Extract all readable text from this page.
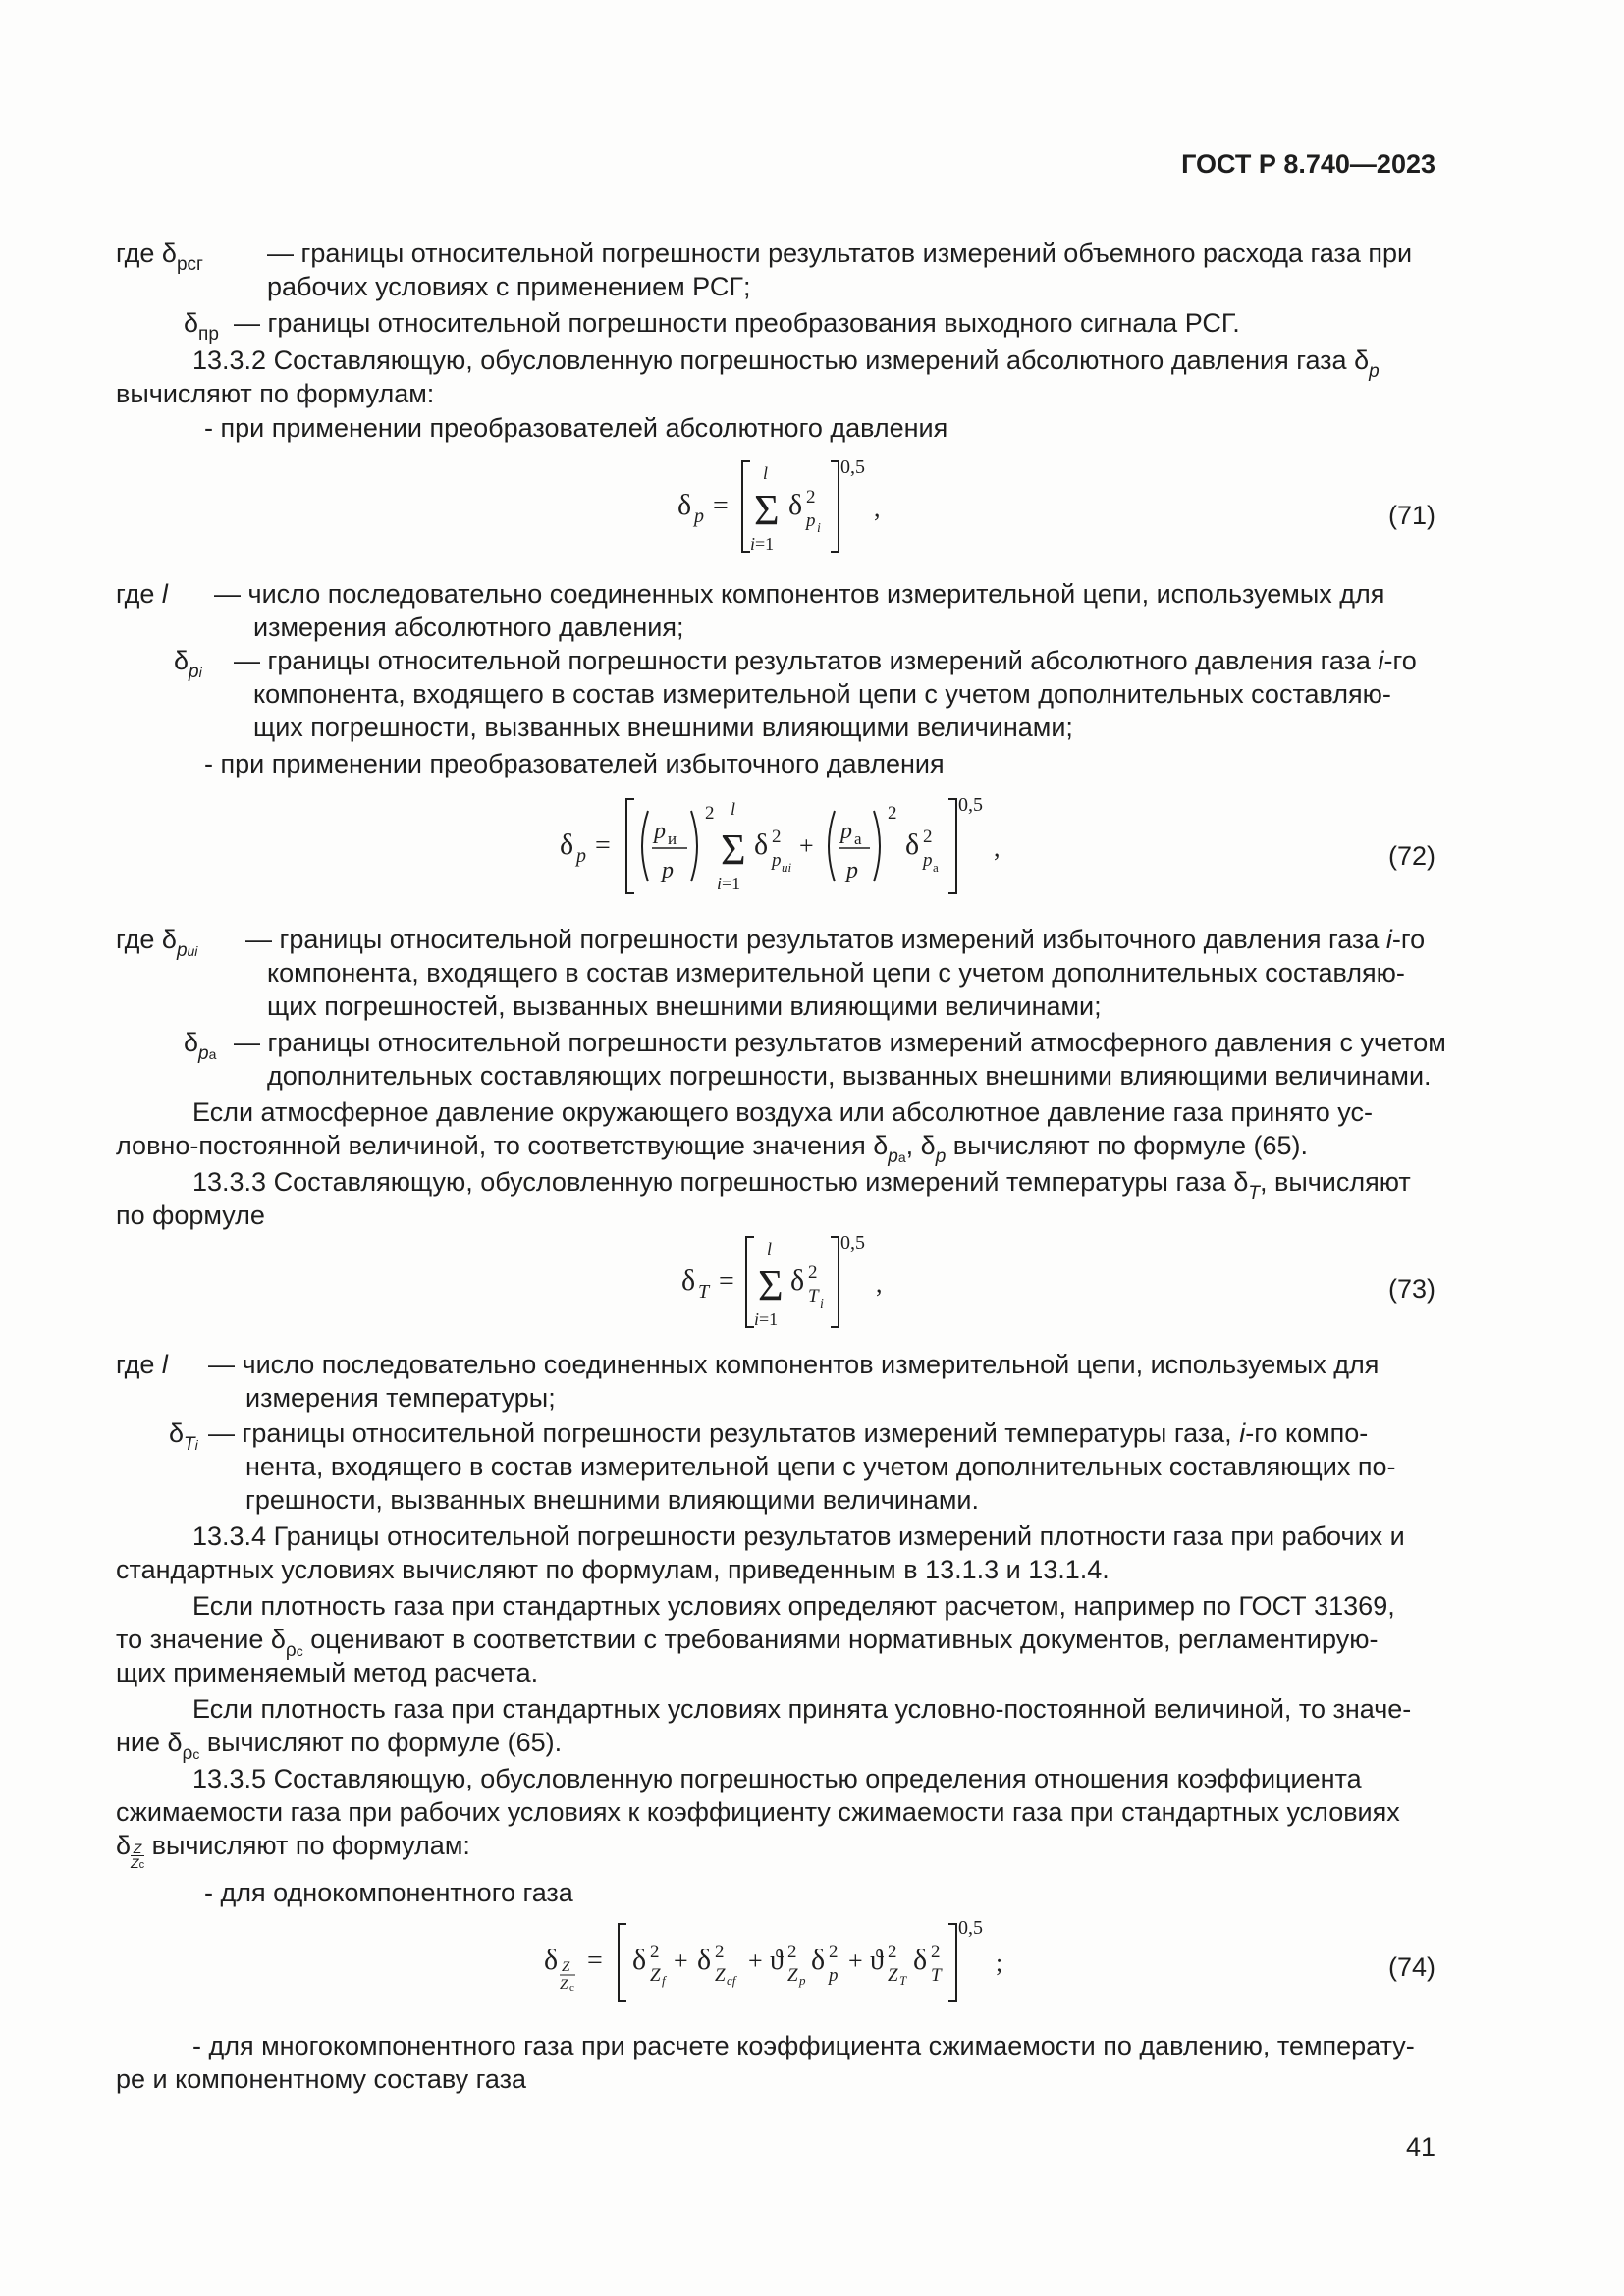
ГОСТ Р 8.740—2023
где $\delta_{рсг}$ — границы относительной погрешности результатов измерений объемного расхода газа при
рабочих условиях с применением РСГ;
$\delta_{пр}$ — границы относительной погрешности преобразования выходного сигнала РСГ.
13.3.2 Составляющую, обусловленную погрешностью измерений абсолютного давления газа $\delta_p$
вычисляют по формулам:
- при применении преобразователей абсолютного давления
δ p =
l
Σ
i=1
δ 2
p i
0,5
,	(71)
где l — число последовательно соединенных компонентов измерительной цепи, используемых для
измерения абсолютного давления;
$\delta_{pi}$ — границы относительной погрешности результатов измерений абсолютного давления газа i-го
компонента, входящего в состав измерительной цепи с учетом дополнительных составляю-
щих погрешности, вызванных внешними влияющими величинами;
- при применении преобразователей избыточного давления
δ p = p и
p
2 l
Σ
i=1
δ 2
p иi
+ p а
p
2
δ 2
p а
0,5
,	(72)
где $\delta_{pиi}$ — границы относительной погрешности результатов измерений избыточного давления газа i-го
компонента, входящего в состав измерительной цепи с учетом дополнительных составляю-
щих погрешностей, вызванных внешними влияющими величинами;
$\delta_{pа}$ — границы относительной погрешности результатов измерений атмосферного давления с учетом
дополнительных составляющих погрешности, вызванных внешними влияющими величинами.
Если атмосферное давление окружающего воздуха или абсолютное давление газа принято ус-
ловно-постоянной величиной, то соответствующие значения $\delta_{pа}$, $\delta_p$ вычисляют по формуле (65).
13.3.3 Составляющую, обусловленную погрешностью измерений температуры газа $\delta_T$, вычисляют
по формуле
δ T =
l
Σ
i=1
δ 2
T i
0,5
,	(73)
где l — число последовательно соединенных компонентов измерительной цепи, используемых для
измерения температуры;
$\delta_{Ti}$ — границы относительной погрешности результатов измерений температуры газа, i-го компо-
нента, входящего в состав измерительной цепи с учетом дополнительных составляющих по-
грешности, вызванных внешними влияющими величинами.
13.3.4 Границы относительной погрешности результатов измерений плотности газа при рабочих и
стандартных условиях вычисляют по формулам, приведенным в 13.1.3 и 13.1.4.
Если плотность газа при стандартных условиях определяют расчетом, например по ГОСТ 31369,
то значение $\delta_{\rho с}$ оценивают в соответствии с требованиями нормативных документов, регламентирую-
щих применяемый метод расчета.
Если плотность газа при стандартных условиях принята условно-постоянной величиной, то значе-
ние $\delta_{\rho с}$ вычисляют по формуле (65).
13.3.5 Составляющую, обусловленную погрешностью определения отношения коэффициента
сжимаемости газа при рабочих условиях к коэффициенту сжимаемости газа при стандартных условиях
δ Z
Zс
вычисляют по формулам:
- для однокомпонентного газа
δ Z
Z с
= δ 2
Z f
+ δ 2
Z cf
+ ϑ 2
Z p
δ 2
p
+ ϑ 2
Z T
δ 2
T
0,5
;	(74)
- для многокомпонентного газа при расчете коэффициента сжимаемости по давлению, температу-
ре и компонентному составу газа
41
